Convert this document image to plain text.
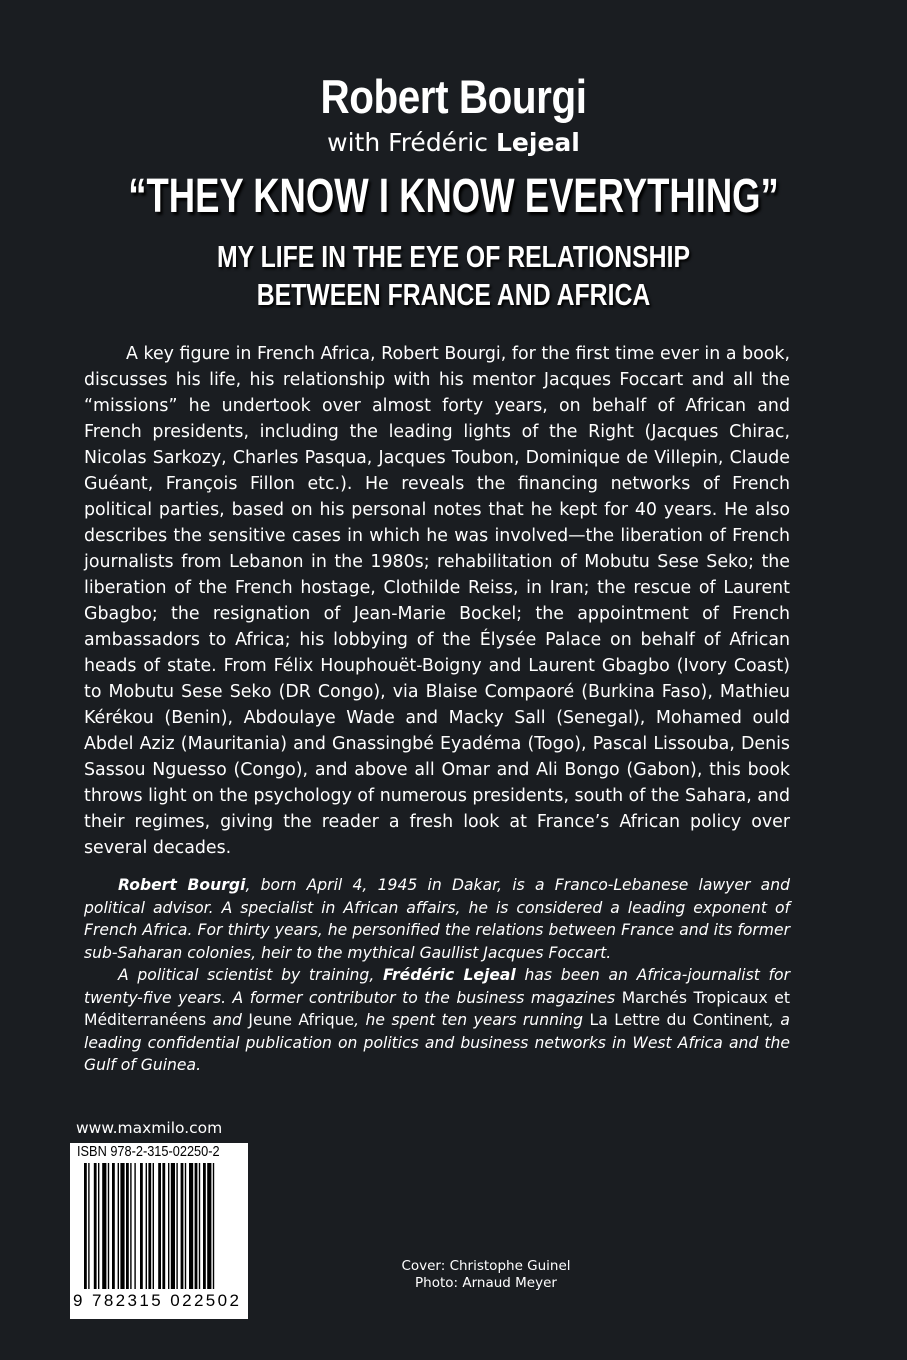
Robert Bourgi
with Frédéric Lejeal
“THEY KNOW I KNOW EVERYTHING”
MY LIFE IN THE EYE OF RELATIONSHIP
BETWEEN FRANCE AND AFRICA

A key figure in French Africa, Robert Bourgi, for the first time ever in a book, discusses his life, his relationship with his mentor Jacques Foccart and all the “missions” he undertook over almost forty years, on behalf of African and French presidents, including the leading lights of the Right (Jacques Chirac, Nicolas Sarkozy, Charles Pasqua, Jacques Toubon, Dominique de Villepin, Claude Guéant, François Fillon etc.). He reveals the financing networks of French political parties, based on his personal notes that he kept for 40 years. He also describes the sensitive cases in which he was involved—the liberation of French journalists from Lebanon in the 1980s; rehabilitation of Mobutu Sese Seko; the liberation of the French hostage, Clothilde Reiss, in Iran; the rescue of Laurent Gbagbo; the resignation of Jean-Marie Bockel; the appointment of French ambassadors to Africa; his lobbying of the Élysée Palace on behalf of African heads of state. From Félix Houphouët-Boigny and Laurent Gbagbo (Ivory Coast) to Mobutu Sese Seko (DR Congo), via Blaise Compaoré (Burkina Faso), Mathieu Kérékou (Benin), Abdoulaye Wade and Macky Sall (Senegal), Mohamed ould Abdel Aziz (Mauritania) and Gnassingbé Eyadéma (Togo), Pascal Lissouba, Denis Sassou Nguesso (Congo), and above all Omar and Ali Bongo (Gabon), this book throws light on the psychology of numerous presidents, south of the Sahara, and their regimes, giving the reader a fresh look at France’s African policy over several decades.

Robert Bourgi, born April 4, 1945 in Dakar, is a Franco-Lebanese lawyer and political advisor. A specialist in African affairs, he is considered a leading exponent of French Africa. For thirty years, he personified the relations between France and its former sub-Saharan colonies, heir to the mythical Gaullist Jacques Foccart.

A political scientist by training, Frédéric Lejeal has been an Africa-journalist for twenty-five years. A former contributor to the business magazines Marchés Tropicaux et Méditerranéens and Jeune Afrique, he spent ten years running La Lettre du Continent, a leading confidential publication on politics and business networks in West Africa and the Gulf of Guinea.

www.maxmilo.com
ISBN 978-2-315-02250-2
9 782315 022502
Cover: Christophe Guinel
Photo: Arnaud Meyer
